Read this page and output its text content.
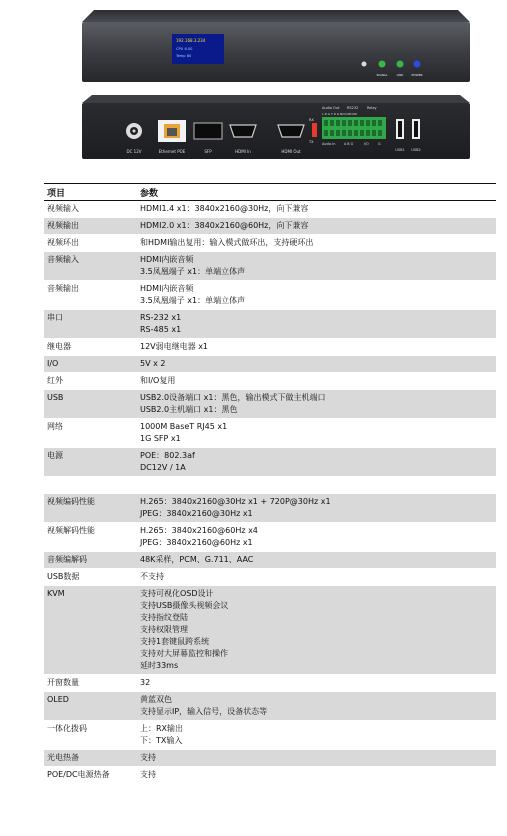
192.168.3.234
CPU 6.00
Temp 80
SIGNAL	LINK	POWER
DC 12V	Ethernet POE	SFP	HDMI In	HDMI Out
RX
TX
Audio Out RS232 Relay
L R G T R G NCCOM NO
Audio In	A B G	I/O	G
USB1 USB2
项目	参数
视频输入	HDMI1.4 x1：3840x2160@30Hz，向下兼容
视频输出	HDMI2.0 x1：3840x2160@60Hz，向下兼容
视频环出	和HDMI输出复用：输入模式做环出，支持硬环出
音频输入	HDMI内嵌音频
3.5凤凰端子 x1：单端立体声
音频输出	HDMI内嵌音频
3.5凤凰端子 x1：单端立体声
串口	RS-232 x1
RS-485 x1
继电器	12V弱电继电器 x1
I/O	5V x 2
红外	和I/O复用
USB	USB2.0设备端口 x1：黑色，输出模式下做主机端口
USB2.0主机端口 x1：黑色
网络	1000M BaseT RJ45 x1
1G SFP x1
电源	POE：802.3af
DC12V / 1A

视频编码性能	H.265：3840x2160@30Hz x1 + 720P@30Hz x1
JPEG：3840x2160@30Hz x1
视频解码性能	H.265：3840x2160@60Hz x4
JPEG：3840x2160@60Hz x1
音频编解码	48K采样，PCM、G.711、AAC
USB数据	不支持
KVM	支持可视化OSD设计
支持USB摄像头视频会议
支持指纹登陆
支持权限管理
支持1套键鼠跨系统
支持对大屏幕监控和操作
延时33ms
开窗数量	32
OLED	黄蓝双色
支持显示IP，输入信号，设备状态等
一体化拨码	上：RX输出
下：TX输入
光电热备	支持
POE/DC电源热备	支持
